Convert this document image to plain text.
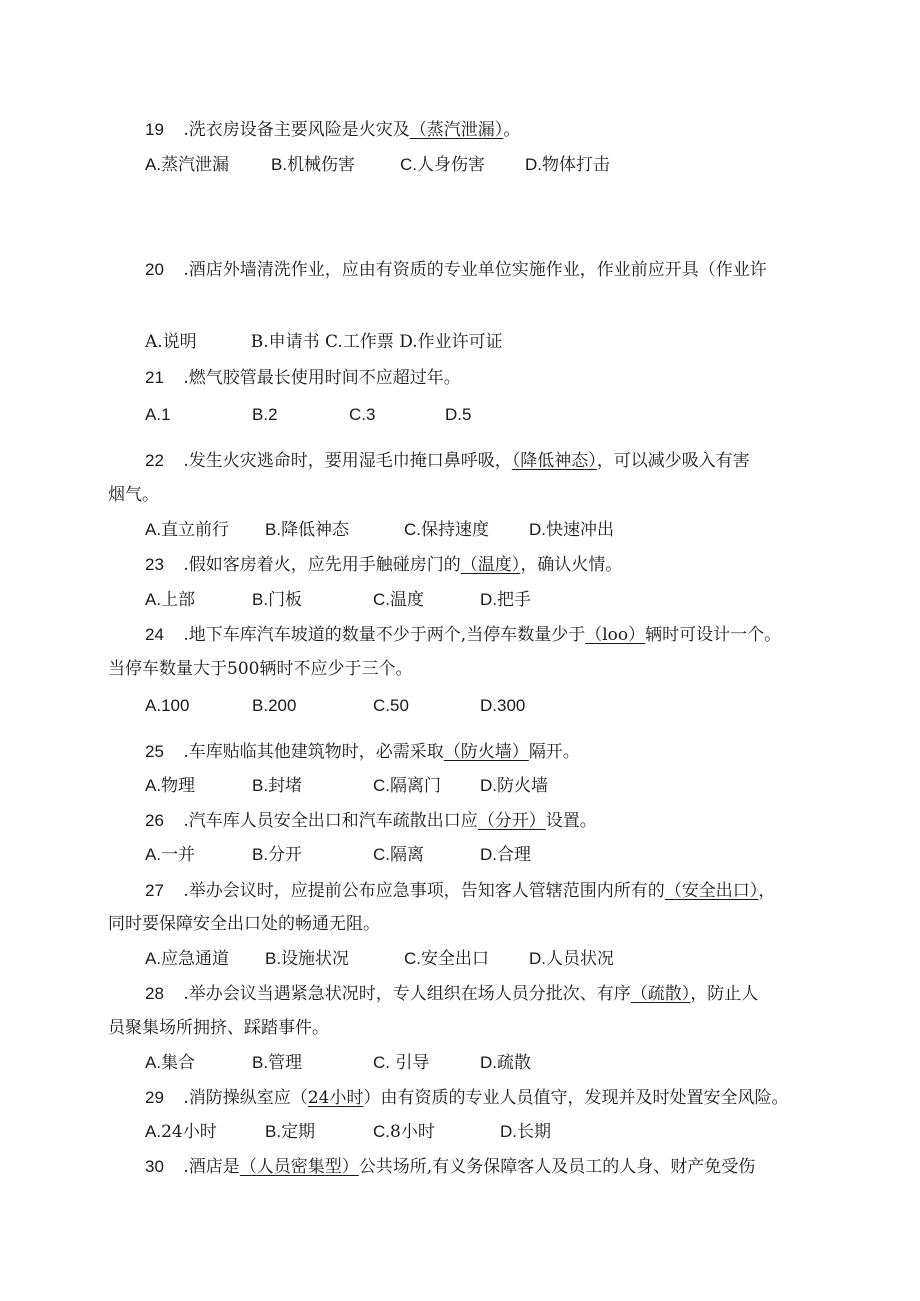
19 .洗衣房设备主要风险是火灾及（蒸汽泄漏）。
A.蒸汽泄漏 B.机械伤害	C.人身伤害 D.物体打击
20 .酒店外墙清洗作业，应由有资质的专业单位实施作业，作业前应开具（作业许
A.说明          B.申请书 C.工作票 D.作业许可证
21 .燃气胶管最长使用时间不应超过年。
A.1	B.2	C.3	D.5
22 .发生火灾逃命时，要用湿毛巾掩口鼻呼吸，（降低神态），可以减少吸入有害
烟气。
A.直立前行 B.降低神态	C.保持速度 D.快速冲出
23 .假如客房着火，应先用手触碰房门的（温度），确认火情。
A.上部	B.门板	C.温度	D.把手
24 .地下车库汽车坡道的数量不少于两个,当停车数量少于（loo）辆时可设计一个。
当停车数量大于500辆时不应少于三个。
A.100	B.200	C.50	D.300
25 .车库贴临其他建筑物时，必需采取（防火墙）隔开。
A.物理	B.封堵	C.隔离门 D.防火墙
26 .汽车库人员安全出口和汽车疏散出口应（分开）设置。
A.一并	B.分开	C.隔离	D.合理
27 .举办会议时，应提前公布应急事项，告知客人管辖范围内所有的（安全出口），
同时要保障安全出口处的畅通无阻。
A.应急通道 B.设施状况	C.安全出口 D.人员状况
28 .举办会议当遇紧急状况时，专人组织在场人员分批次、有序（疏散），防止人
员聚集场所拥挤、踩踏事件。
A.集合	B.管理	C. 引导	D.疏散
29 .消防操纵室应（24小时）由有资质的专业人员值守，发现并及时处置安全风险。
A.24小时	B.定期	C.8小时	D.长期
30 .酒店是（人员密集型）公共场所,有义务保障客人及员工的人身、财产免受伤
